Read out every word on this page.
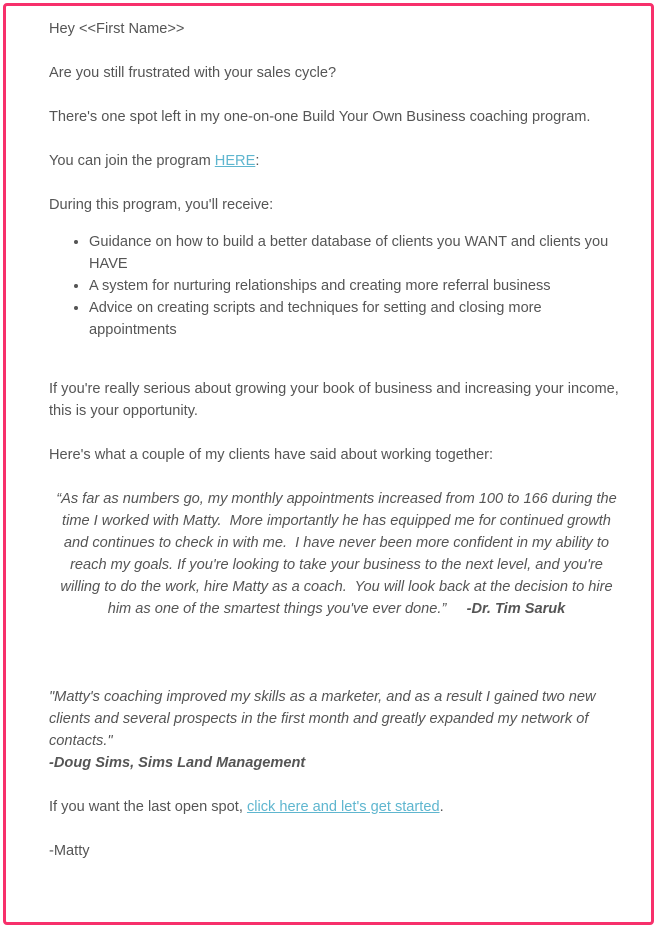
Hey <<First Name>>

Are you still frustrated with your sales cycle?

There's one spot left in my one-on-one Build Your Own Business coaching program.

You can join the program HERE:

During this program, you'll receive:

• Guidance on how to build a better database of clients you WANT and clients you HAVE
• A system for nurturing relationships and creating more referral business
• Advice on creating scripts and techniques for setting and closing more appointments

If you're really serious about growing your book of business and increasing your income, this is your opportunity.

Here's what a couple of my clients have said about working together:

“As far as numbers go, my monthly appointments increased from 100 to 166 during the time I worked with Matty.  More importantly he has equipped me for continued growth and continues to check in with me.  I have never been more confident in my ability to reach my goals. If you're looking to take your business to the next level, and you're willing to do the work, hire Matty as a coach.  You will look back at the decision to hire him as one of the smartest things you've ever done.”     -Dr. Tim Saruk

"Matty's coaching improved my skills as a marketer, and as a result I gained two new clients and several prospects in the first month and greatly expanded my network of contacts."

-Doug Sims, Sims Land Management

If you want the last open spot, click here and let's get started.

-Matty
